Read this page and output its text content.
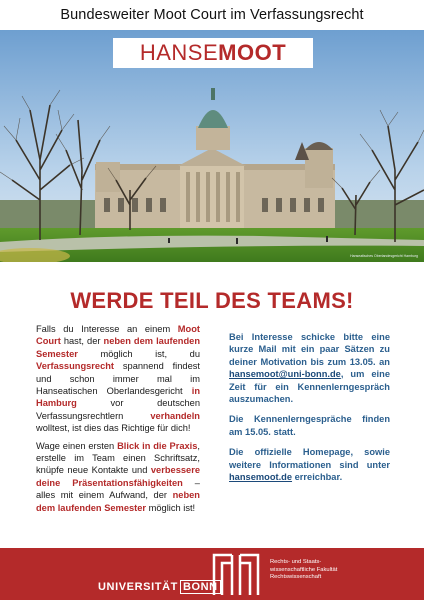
Bundesweiter Moot Court im Verfassungsrecht
HANSEMOOT
Hanseatisches Oberlandesgericht Hamburg
WERDE TEIL DES TEAMS!

Falls du Interesse an einem Moot Court hast, der neben dem laufenden Semester möglich ist, du Verfassungsrecht spannend findest und schon immer mal im Hanseatischen Oberlandesgericht in Hamburg vor deutschen Verfassungsrechtlern verhandeln wolltest, ist dies das Richtige für dich!

Wage einen ersten Blick in die Praxis, erstelle im Team einen Schriftsatz, knüpfe neue Kontakte und verbessere deine Präsentationsfähigkeiten – alles mit einem Aufwand, der neben dem laufenden Semester möglich ist!

Bei Interesse schicke bitte eine kurze Mail mit ein paar Sätzen zu deiner Motivation bis zum 13.05. an hansemoot@uni-bonn.de, um eine Zeit für ein Kennenlerngespräch auszumachen.

Die Kennenlerngespräche finden am 15.05. statt.

Die offizielle Homepage, sowie weitere Informationen sind unter hansemoot.de erreichbar.

UNIVERSITÄT BONN
Rechts- und Staats-
wissenschaftliche Fakultät
Rechtswissenschaft
